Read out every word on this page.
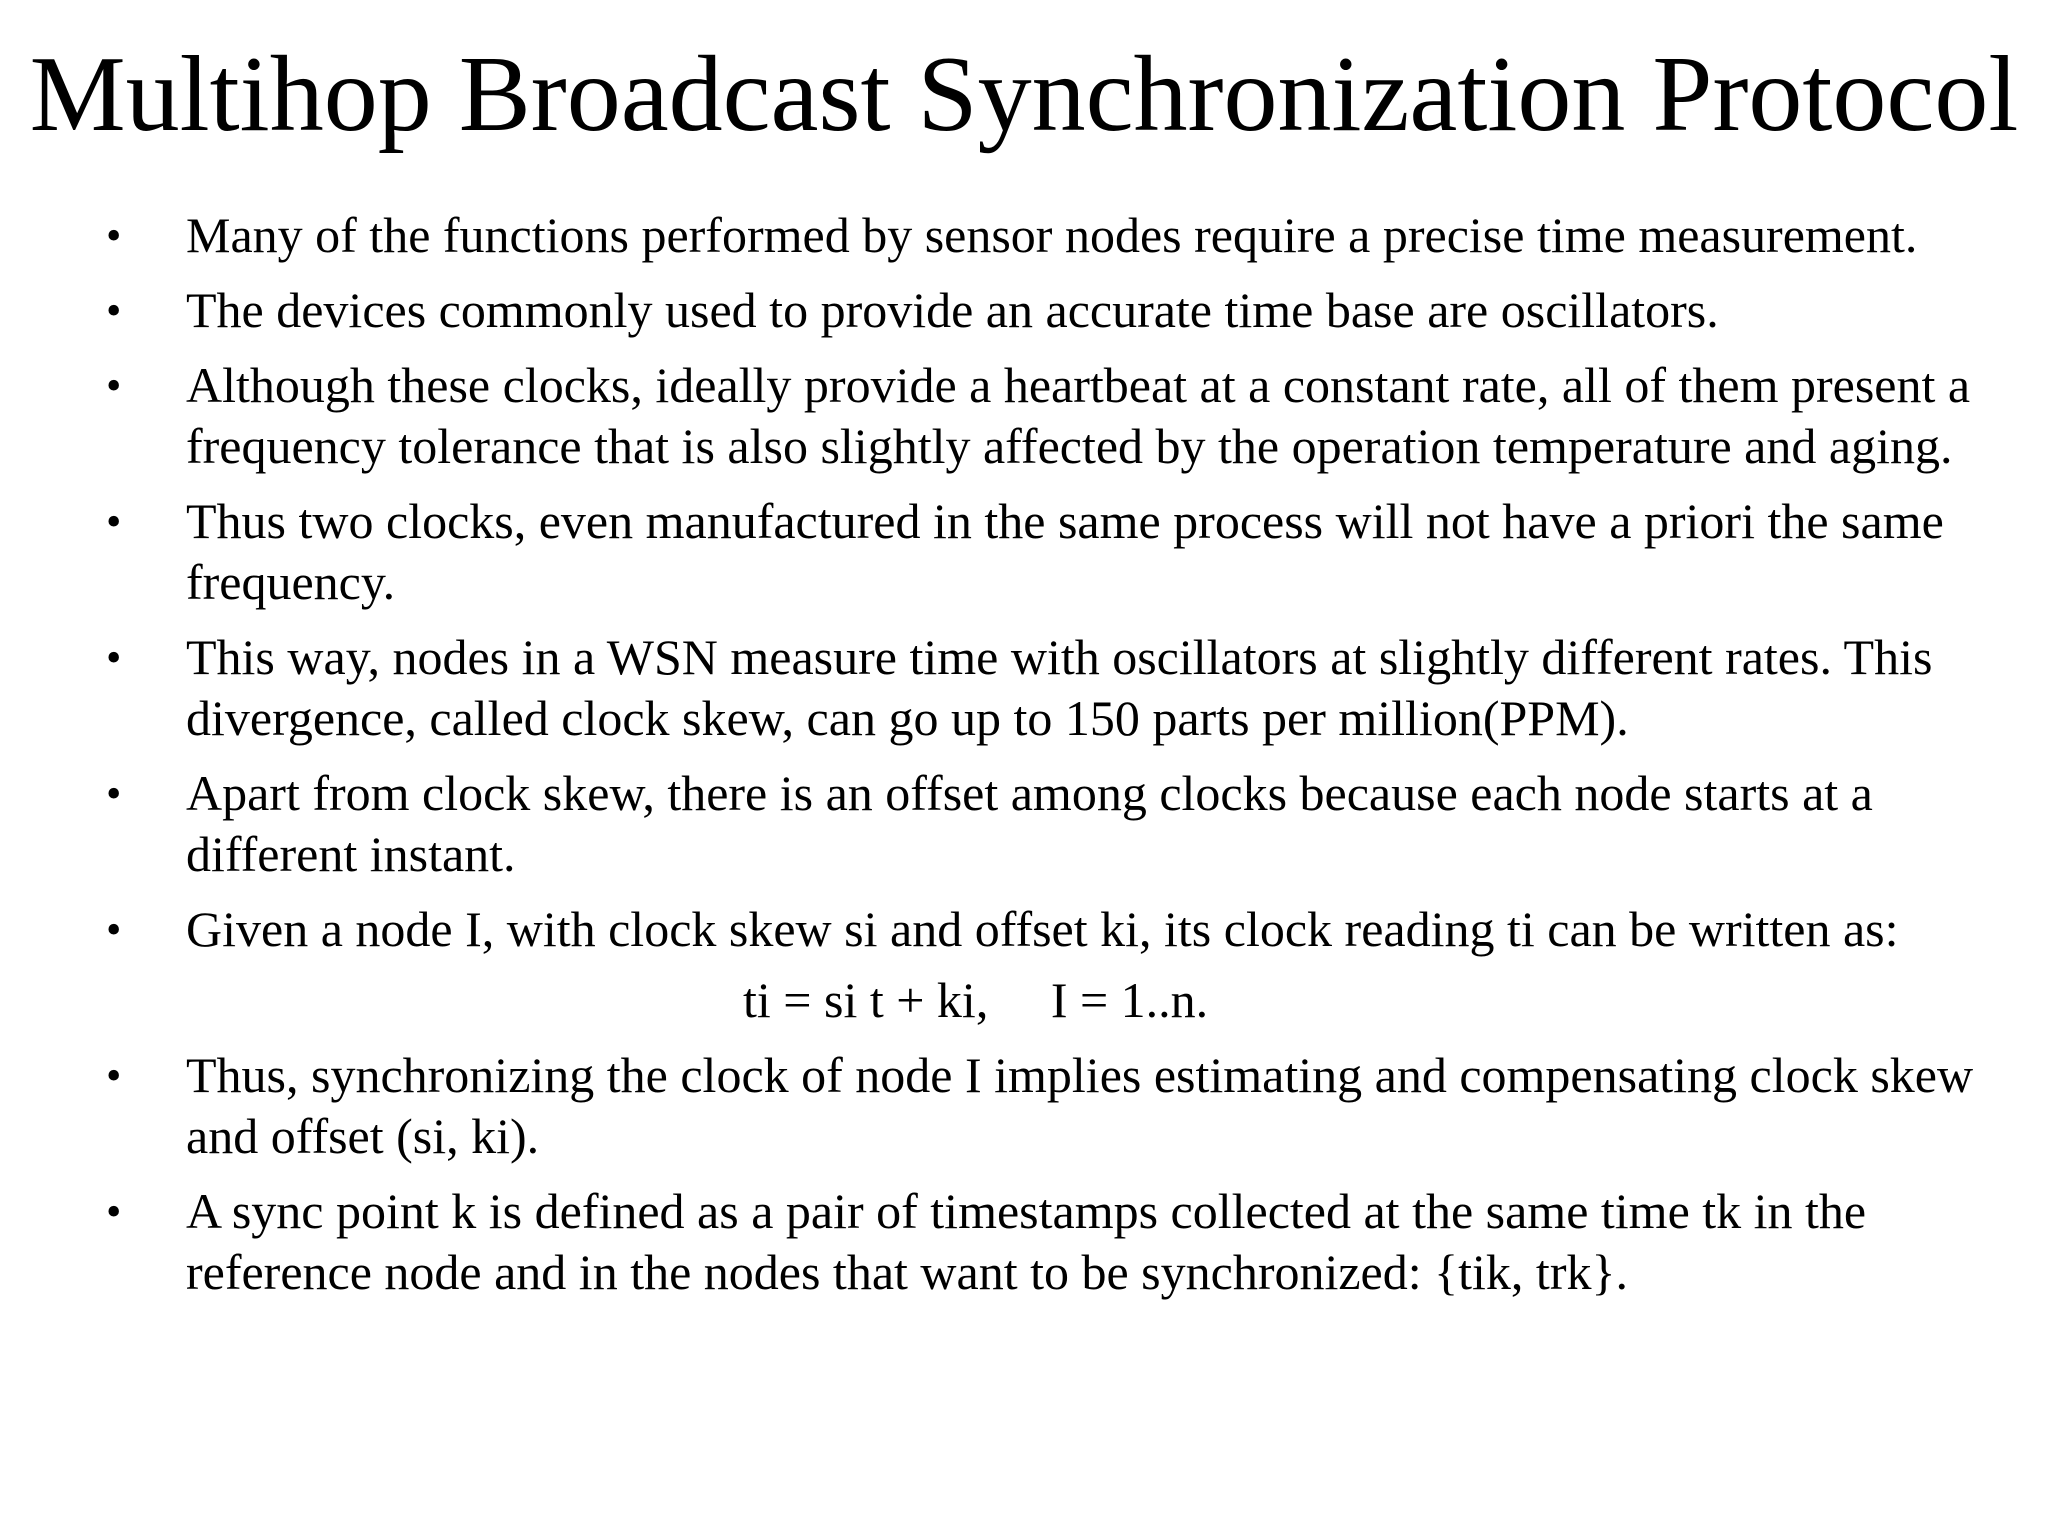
Multihop Broadcast Synchronization Protocol
•	Many of the functions performed by sensor nodes require a precise time measurement.
•	The devices commonly used to provide an accurate time base are oscillators.
•	Although these clocks, ideally provide a heartbeat at a constant rate, all of them present a frequency tolerance that is also slightly affected by the operation temperature and aging.
•	Thus two clocks, even manufactured in the same process will not have a priori the same frequency.
•	This way, nodes in a WSN measure time with oscillators at slightly different rates. This divergence, called clock skew, can go up to 150 parts per million(PPM).
•	Apart from clock skew, there is an offset among clocks because each node starts at a different instant.
•	Given a node I, with clock skew si and offset ki, its clock reading ti can be written as:
ti = si t + ki,     I = 1..n.
•	Thus, synchronizing the clock of node I implies estimating and compensating clock skew and offset (si, ki).
•	A sync point k is defined as a pair of timestamps collected at the same time tk in the reference node and in the nodes that want to be synchronized: {tik, trk}.
